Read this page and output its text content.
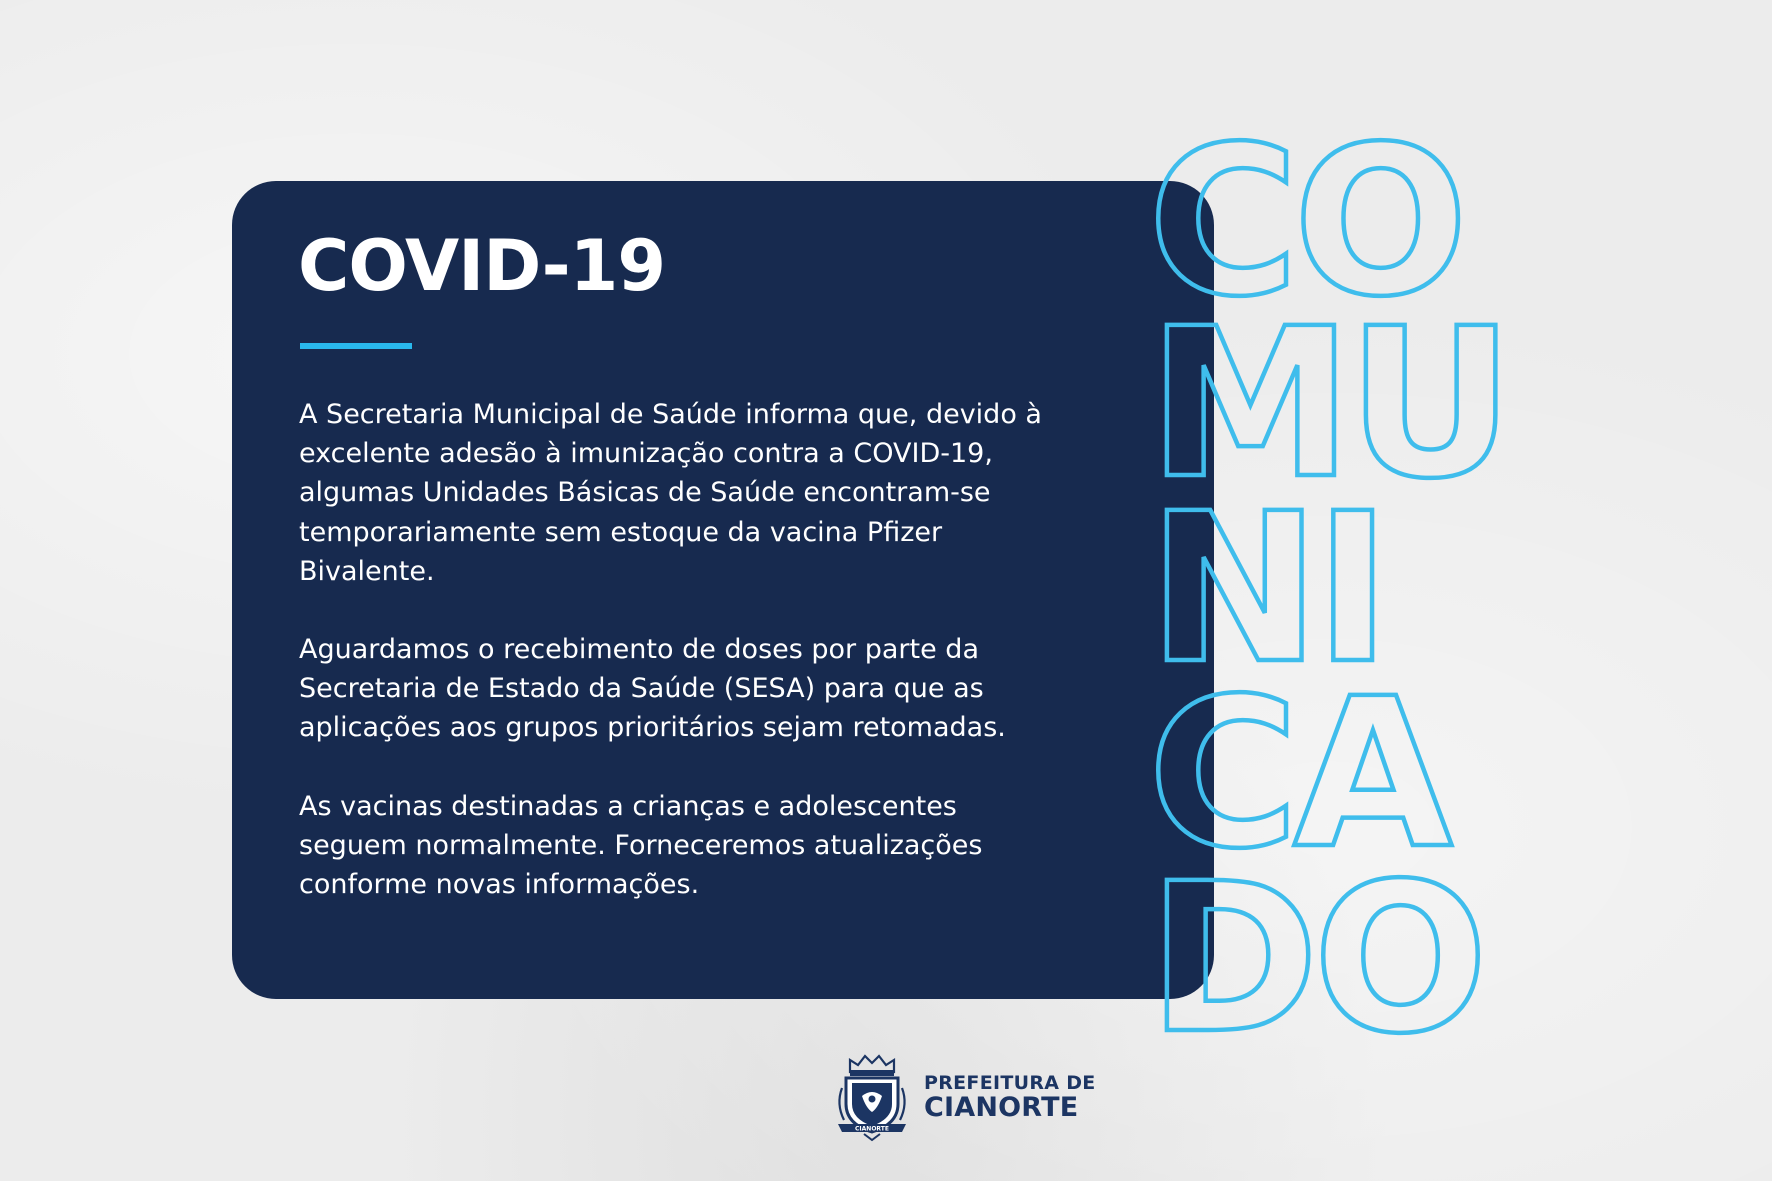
COVID-19

A Secretaria Municipal de Saúde informa que, devido à excelente adesão à imunização contra a COVID-19, algumas Unidades Básicas de Saúde encontram-se temporariamente sem estoque da vacina Pfizer Bivalente.

Aguardamos o recebimento de doses por parte da Secretaria de Estado da Saúde (SESA) para que as aplicações aos grupos prioritários sejam retomadas.

As vacinas destinadas a crianças e adolescentes seguem normalmente. Forneceremos atualizações conforme novas informações.

CO
MU
NI
CA
DO
CIANORTE
PREFEITURA DE
CIANORTE
